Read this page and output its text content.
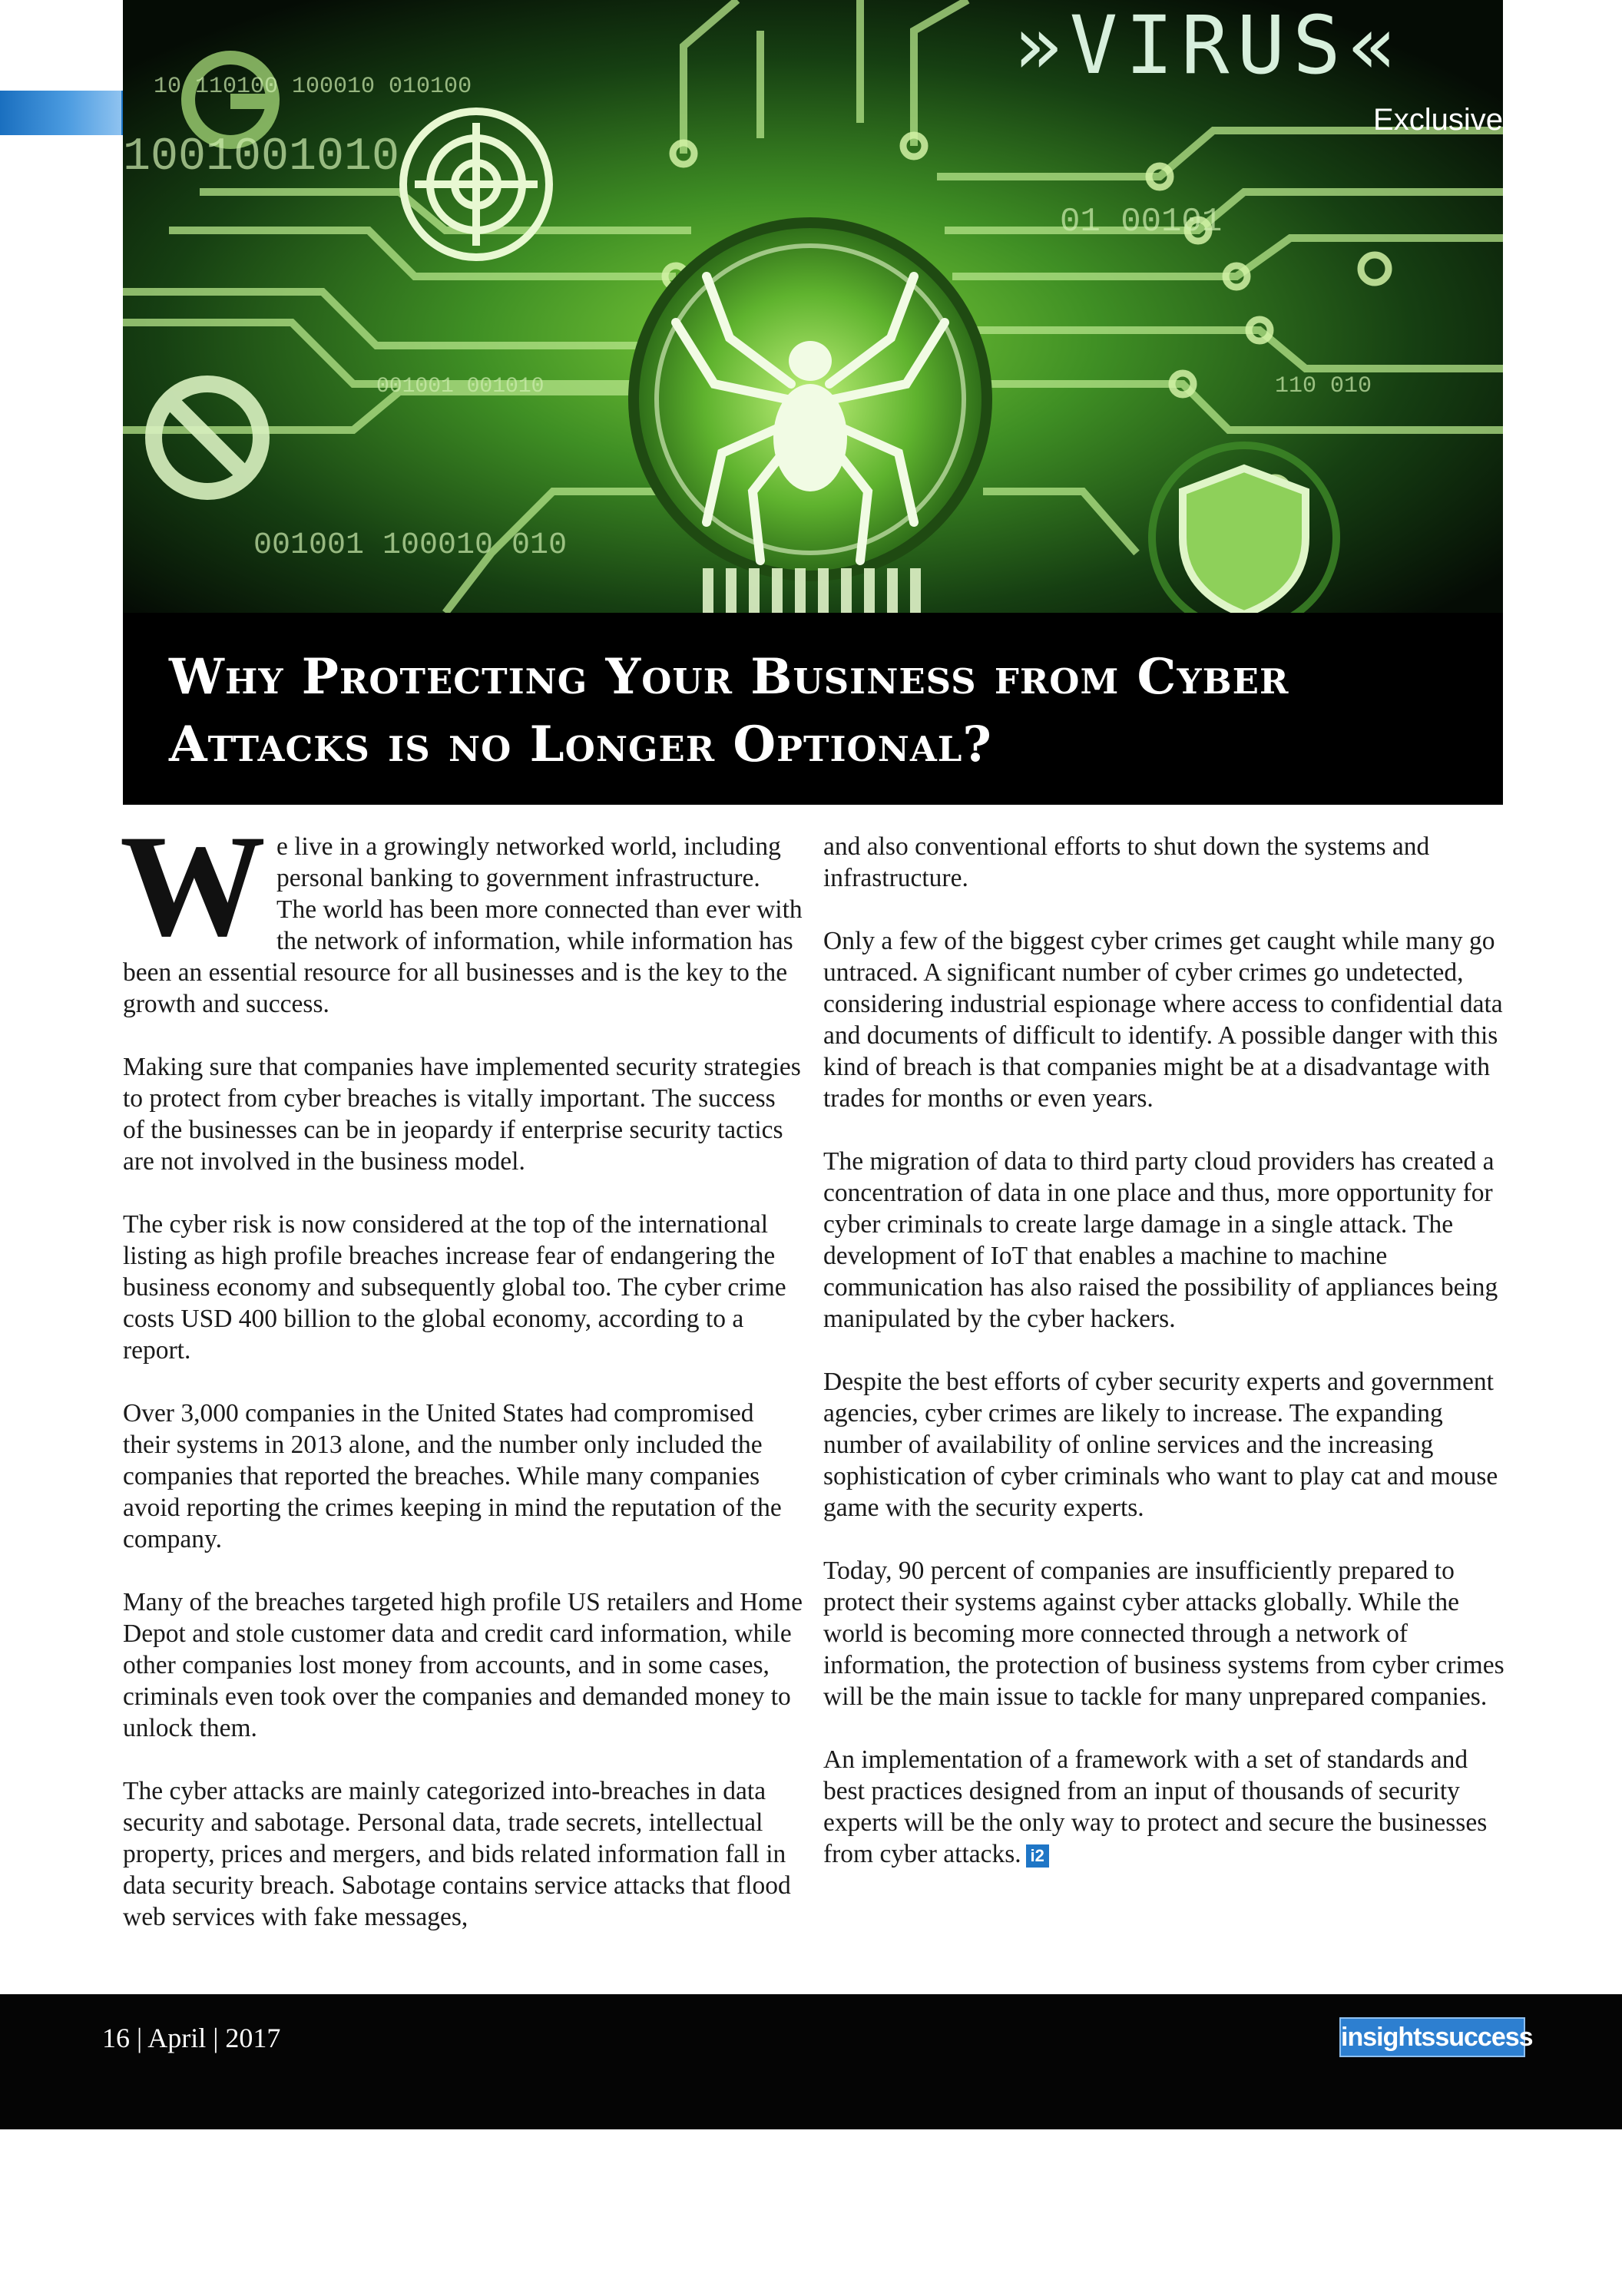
10 110100 100010 010100
1001001010
001001 001010
001001 100010 010
01 00101
110 010
»VIRUS«
Exclusive
Why Protecting Your Business from Cyber Attacks is no Longer Optional?

We live in a growingly networked world, including personal banking to government infrastructure. The world has been more connected than ever with the network of information, while information has been an essential resource for all businesses and is the key to the growth and success.

Making sure that companies have implemented security strategies to protect from cyber breaches is vitally important. The success of the businesses can be in jeopardy if enterprise security tactics are not involved in the business model.

The cyber risk is now considered at the top of the international listing as high profile breaches increase fear of endangering the business economy and subsequently global too. The cyber crime costs USD 400 billion to the global economy, according to a report.

Over 3,000 companies in the United States had compromised their systems in 2013 alone, and the number only included the companies that reported the breaches. While many companies avoid reporting the crimes keeping in mind the reputation of the company.

Many of the breaches targeted high profile US retailers and Home Depot and stole customer data and credit card information, while other companies lost money from accounts, and in some cases, criminals even took over the companies and demanded money to unlock them.

The cyber attacks are mainly categorized into-breaches in data security and sabotage. Personal data, trade secrets, intellectual property, prices and mergers, and bids related information fall in data security breach. Sabotage contains service attacks that flood web services with fake messages,

and also conventional efforts to shut down the systems and infrastructure.

Only a few of the biggest cyber crimes get caught while many go untraced. A significant number of cyber crimes go undetected, considering industrial espionage where access to confidential data and documents of difficult to identify. A possible danger with this kind of breach is that companies might be at a disadvantage with trades for months or even years.

The migration of data to third party cloud providers has created a concentration of data in one place and thus, more opportunity for cyber criminals to create large damage in a single attack. The development of IoT that enables a machine to machine communication has also raised the possibility of appliances being manipulated by the cyber hackers.

Despite the best efforts of cyber security experts and government agencies, cyber crimes are likely to increase. The expanding number of availability of online services and the increasing sophistication of cyber criminals who want to play cat and mouse game with the security experts.

Today, 90 percent of companies are insufficiently prepared to protect their systems against cyber attacks globally. While the world is becoming more connected through a network of information, the protection of business systems from cyber crimes will be the main issue to tackle for many unprepared companies.

An implementation of a framework with a set of standards and best practices designed from an input of thousands of security experts will be the only way to protect and secure the businesses from cyber attacks. i2

16 | April | 2017	insightssuccess
